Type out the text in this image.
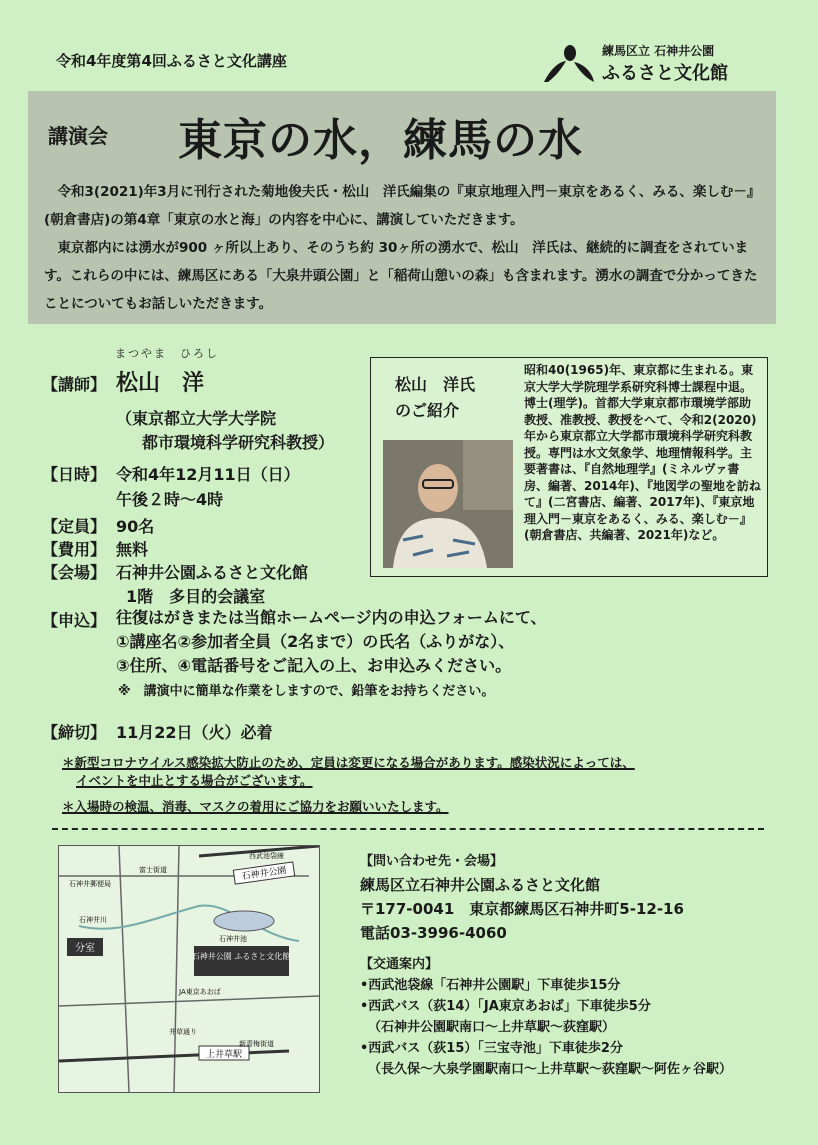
令和4年度第4回ふるさと文化講座
練馬区立 石神井公園
ふるさと文化館
講演会 東京の水，練馬の水

令和3(2021)年3月に刊行された菊地俊夫氏・松山　洋氏編集の『東京地理入門－東京をあるく、みる、楽しむ－』(朝倉書店)の第4章「東京の水と海」の内容を中心に、講演していただきます。

東京都内には湧水が900 ヶ所以上あり、そのうち約 30ヶ所の湧水で、松山　洋氏は、継続的に調査をされています。これらの中には、練馬区にある「大泉井頭公園」と「稲荷山憩いの森」も含まれます。湧水の調査で分かってきたことについてもお話しいただきます。

まつやま　ひろし
【講師】 松山　洋
（東京都立大学大学院
都市環境科学研究科教授）
【日時】 令和4年12月11日（日）
午後２時～4時
【定員】 90名
【費用】 無料
【会場】 石神井公園ふるさと文化館
1階　多目的会議室
【申込】 往復はがきまたは当館ホームページ内の申込フォームにて、
①講座名②参加者全員（2名まで）の氏名（ふりがな）、
③住所、④電話番号をご記入の上、お申込みください。
※　講演中に簡単な作業をしますので、鉛筆をお持ちください。
【締切】 11月22日（火）必着
松山　洋氏
のご紹介
昭和40(1965)年、東京都に生まれる。東京大学大学院理学系研究科博士課程中退。博士(理学)。首都大学東京都市環境学部助教授、准教授、教授をへて、令和2(2020)年から東京都立大学都市環境科学研究科教授。専門は水文気象学、地理情報科学。主要著書は、『自然地理学』(ミネルヴァ書房、編著、2014年)、『地図学の聖地を訪ねて』(二宮書店、編著、2017年)、『東京地理入門－東京をあるく、みる、楽しむ－』(朝倉書店、共編著、2021年)など。
＊新型コロナウイルス感染拡大防止のため、定員は変更になる場合があります。感染状況によっては、
イベントを中止とする場合がございます。
＊入場時の検温、消毒、マスクの着用にご協力をお願いいたします。
石神井公園 ふるさと文化館
分室
石神井公園
上井草駅
富士街道
石神井池
石神井川
井草通り
新青梅街道
JA東京あおば
石神井郵便局
西武池袋線	【問い合わせ先・会場】
練馬区立石神井公園ふるさと文化館
〒177-0041　東京都練馬区石神井町5-12-16
電話03-3996-4060
【交通案内】
•西武池袋線「石神井公園駅」下車徒歩15分
•西武バス（荻14）「JA東京あおば」下車徒歩5分
（石神井公園駅南口～上井草駅～荻窪駅）
•西武バス（荻15）「三宝寺池」下車徒歩2分
（長久保～大泉学園駅南口～上井草駅～荻窪駅～阿佐ヶ谷駅）
